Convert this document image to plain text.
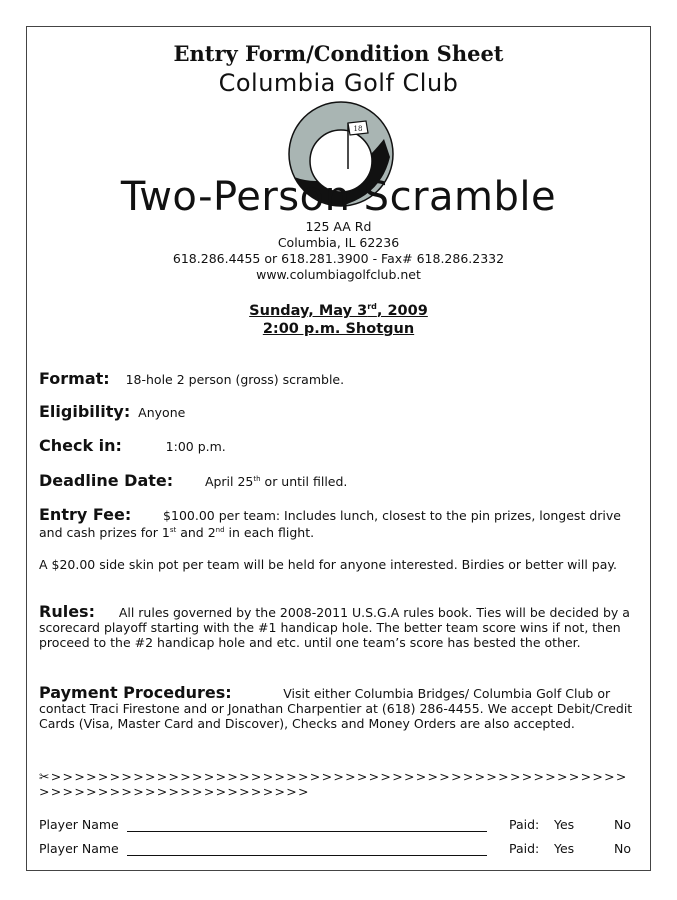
Entry Form/Condition Sheet
Columbia Golf Club
18
Two-Person Scramble
125 AA Rd
Columbia, IL 62236
618.286.4455 or 618.281.3900 - Fax# 618.286.2332
www.columbiagolfclub.net
Sunday, May 3rd, 2009
2:00 p.m. Shotgun
Format: 18-hole 2 person (gross) scramble.
Eligibility: Anyone
Check in:	1:00 p.m.
Deadline Date:	April 25th or until filled.
Entry Fee:	$100.00 per team: Includes lunch, closest to the pin prizes, longest drive and cash prizes for 1st and 2nd in each flight.
A $20.00 side skin pot per team will be held for anyone interested. Birdies or better will pay.
Rules: All rules governed by the 2008-2011 U.S.G.A rules book. Ties will be decided by a scorecard playoff starting with the #1 handicap hole. The better team score wins if not, then proceed to the #2 handicap hole and etc. until one team’s score has bested the other.
Payment Procedures:	Visit either Columbia Bridges/ Columbia Golf Club or contact Traci Firestone and or Jonathan Charpentier at (618) 286-4455. We accept Debit/Credit Cards (Visa, Master Card and Discover), Checks and Money Orders are also accepted.
✂>>>>>>>>>>>>>>>>>>>>>>>>>>>>>>>>>>>>>>>>>>>>>>>>>>>>>>>>>>>>>>>>>>>>>>>>
Player Name	Paid: Yes	No
Player Name	Paid: Yes	No
